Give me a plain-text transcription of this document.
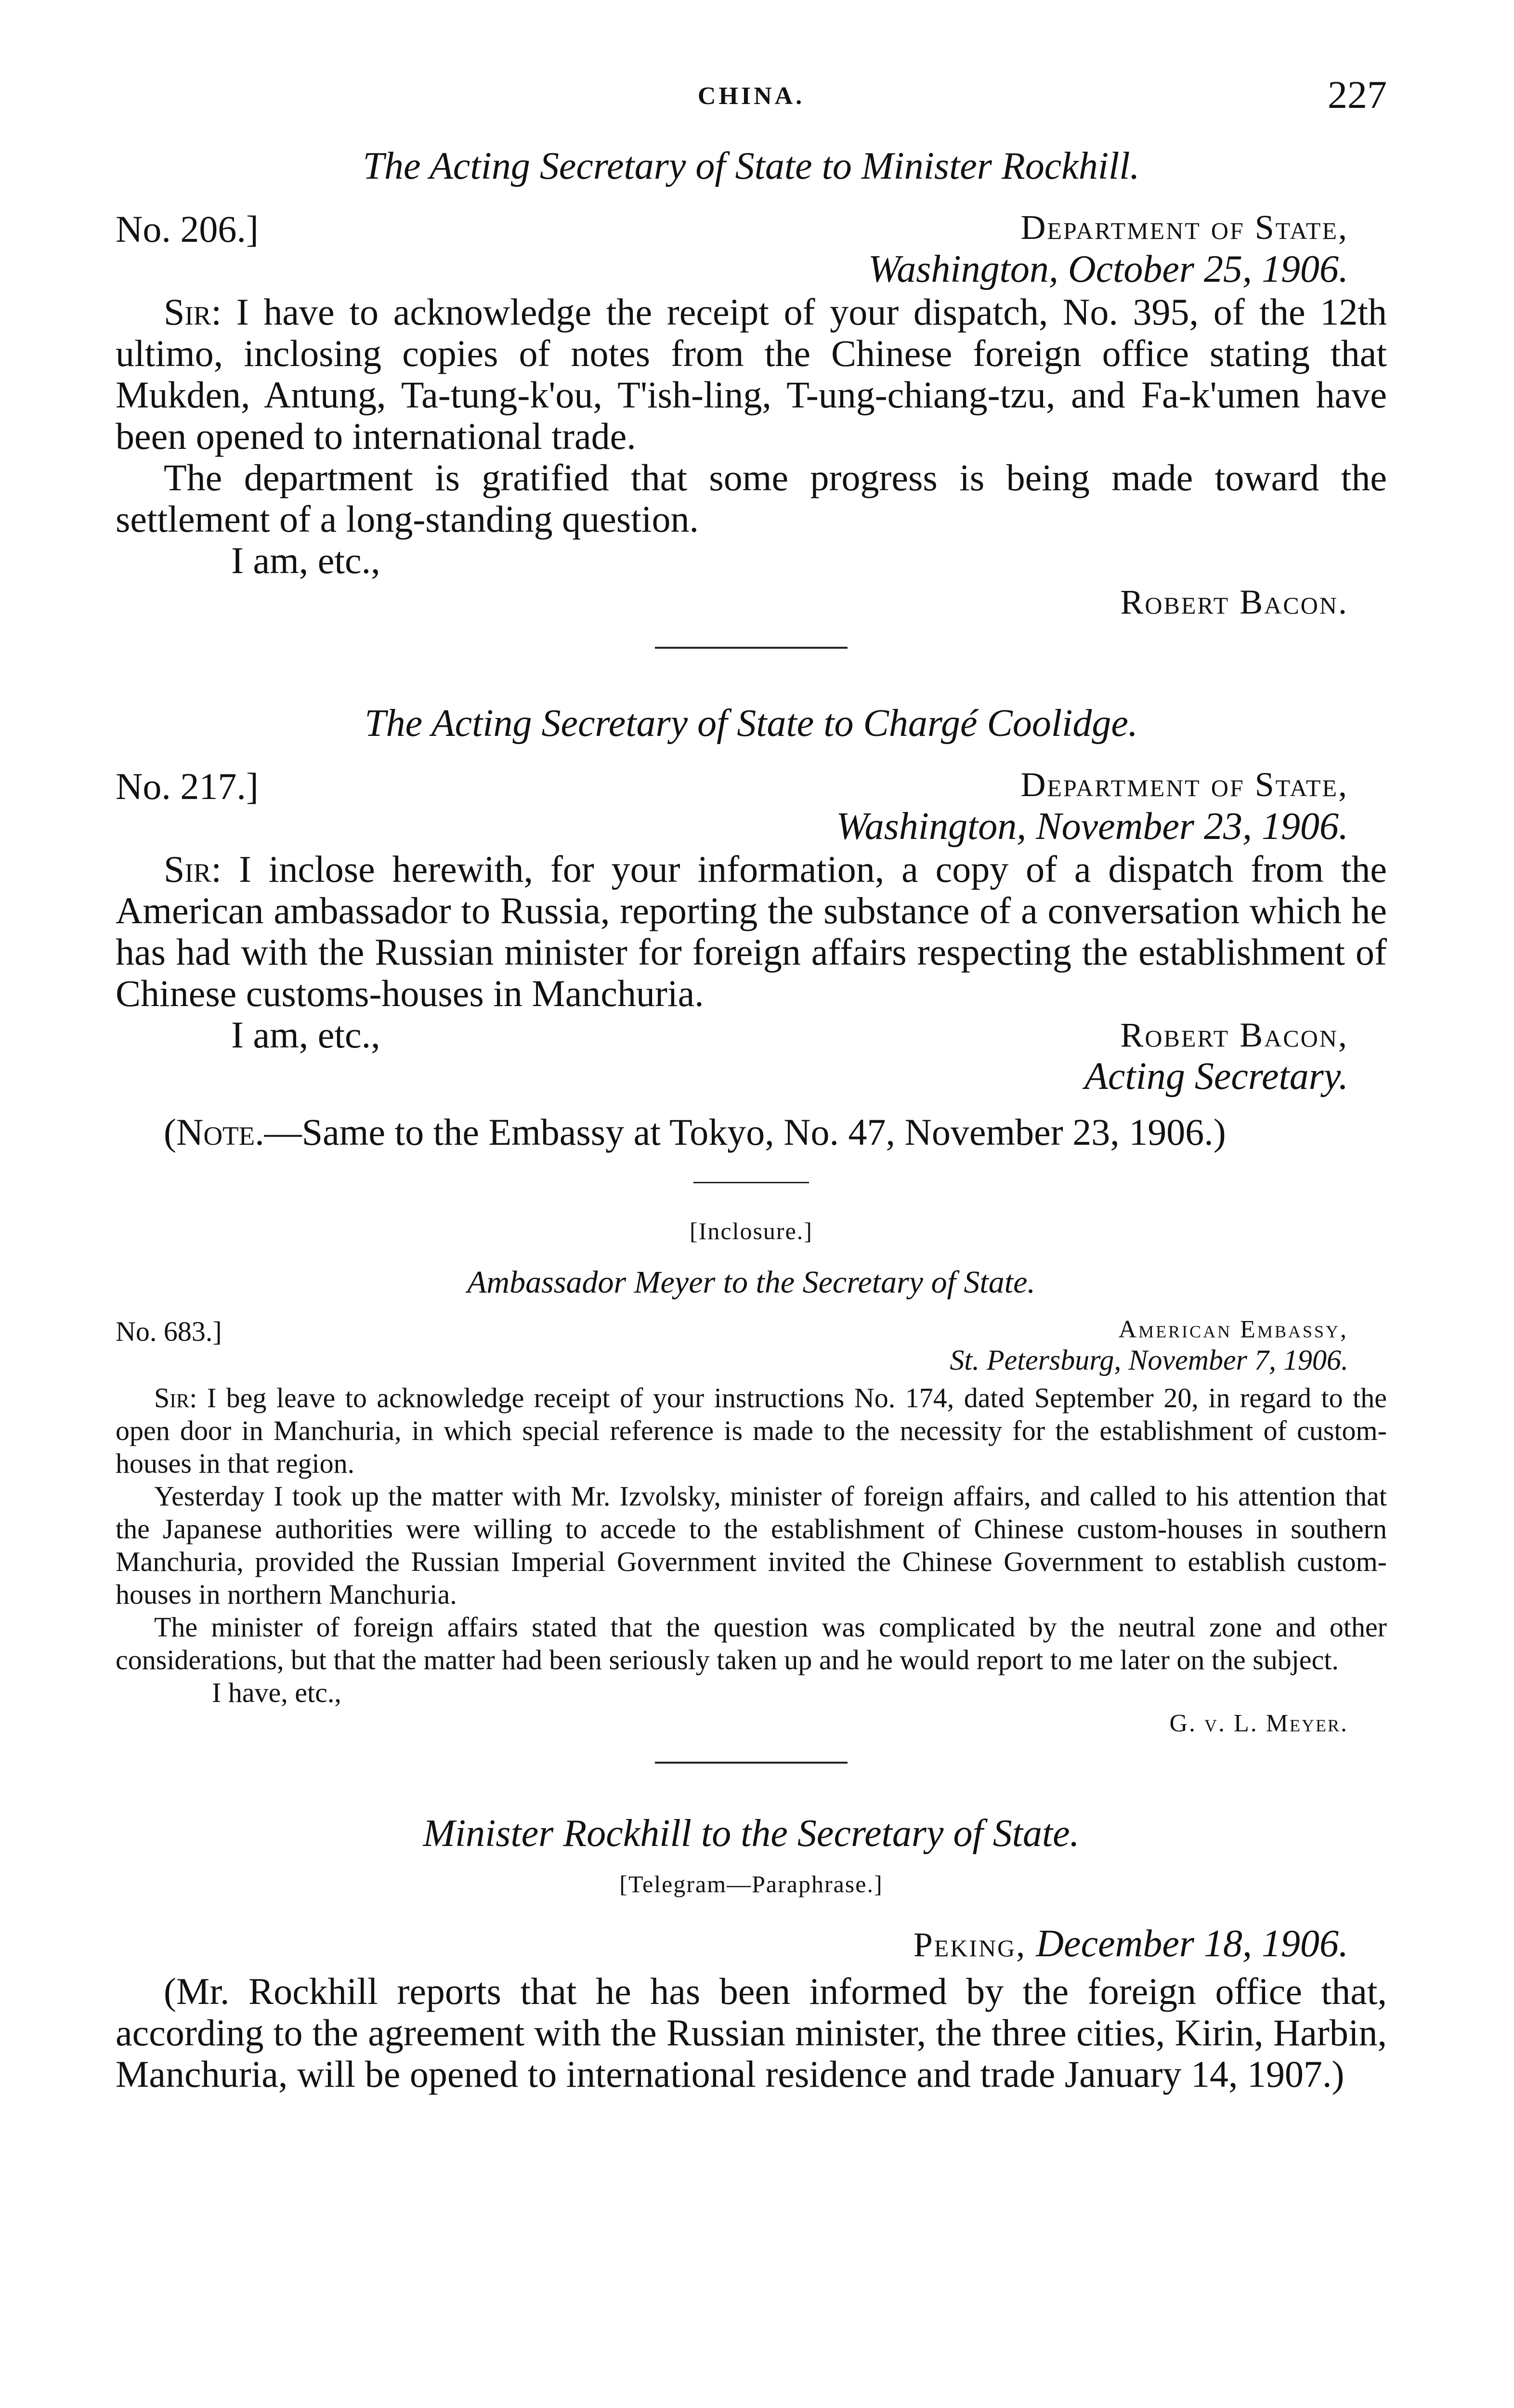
CHINA.	227

The Acting Secretary of State to Minister Rockhill.

No. 206.]	Department of State,
Washington, October 25, 1906.

Sir: I have to acknowledge the receipt of your dispatch, No. 395, of the 12th ultimo, inclosing copies of notes from the Chinese foreign office stating that Mukden, Antung, Ta-tung-k'ou, T'ish-ling, T-ung-chiang-tzu, and Fa-k'umen have been opened to international trade.

The department is gratified that some progress is being made toward the settlement of a long-standing question.

I am, etc.,
Robert Bacon.

The Acting Secretary of State to Chargé Coolidge.

No. 217.]	Department of State,
Washington, November 23, 1906.

Sir: I inclose herewith, for your information, a copy of a dispatch from the American ambassador to Russia, reporting the substance of a conversation which he has had with the Russian minister for foreign affairs respecting the establishment of Chinese customs-houses in Manchuria.

I am, etc.,	Robert Bacon,
Acting Secretary.

(Note.—Same to the Embassy at Tokyo, No. 47, November 23, 1906.)

[Inclosure.]

Ambassador Meyer to the Secretary of State.

No. 683.]	American Embassy,
St. Petersburg, November 7, 1906.

Sir: I beg leave to acknowledge receipt of your instructions No. 174, dated September 20, in regard to the open door in Manchuria, in which special reference is made to the necessity for the establishment of custom-houses in that region.

Yesterday I took up the matter with Mr. Izvolsky, minister of foreign affairs, and called to his attention that the Japanese authorities were willing to accede to the establishment of Chinese custom-houses in southern Manchuria, provided the Russian Imperial Government invited the Chinese Government to establish custom-houses in northern Manchuria.

The minister of foreign affairs stated that the question was complicated by the neutral zone and other considerations, but that the matter had been seriously taken up and he would report to me later on the subject.

I have, etc.,
G. v. L. Meyer.

Minister Rockhill to the Secretary of State.

[Telegram—Paraphrase.]
Peking, December 18, 1906.

(Mr. Rockhill reports that he has been informed by the foreign office that, according to the agreement with the Russian minister, the three cities, Kirin, Harbin, Manchuria, will be opened to international residence and trade January 14, 1907.)
